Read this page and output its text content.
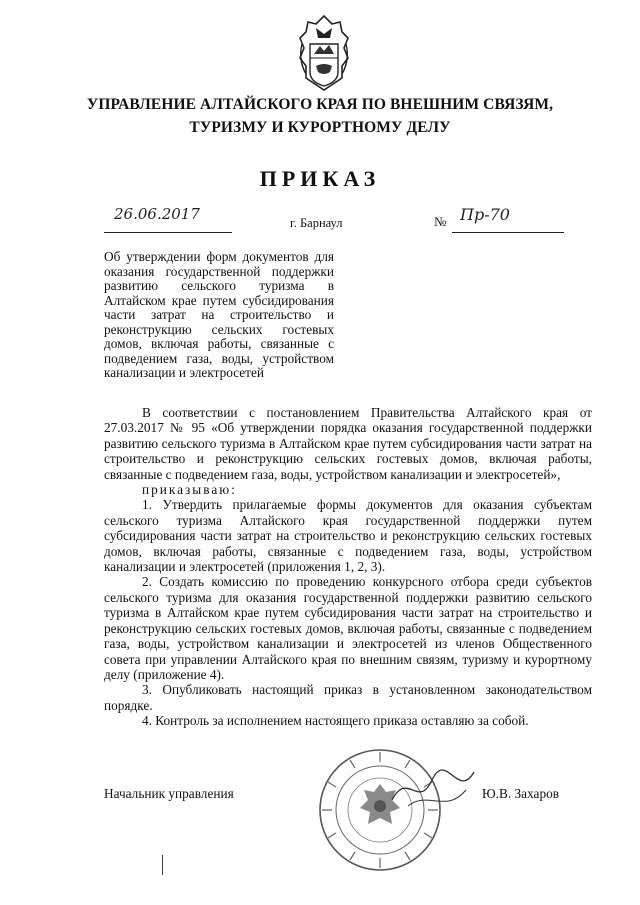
УПРАВЛЕНИЕ АЛТАЙСКОГО КРАЯ ПО ВНЕШНИМ СВЯЗЯМ,
ТУРИЗМУ И КУРОРТНОМУ ДЕЛУ
ПРИКАЗ
26.06.2017	г. Барнаул	№ Пр-70
Об утверждении форм документов для оказания государственной поддержки развитию сельского туризма в Алтайском крае путем субсидирования части затрат на строительство и реконструкцию сельских гостевых домов, включая работы, связанные с подведением газа, воды, устройством канализации и электросетей

В соответствии с постановлением Правительства Алтайского края от 27.03.2017 № 95 «Об утверждении порядка оказания государственной поддержки развитию сельского туризма в Алтайском крае путем субсидирования части затрат на строительство и реконструкцию сельских гостевых домов, включая работы, связанные с подведением газа, воды, устройством канализации и электросетей»,

приказываю:

1. Утвердить прилагаемые формы документов для оказания субъектам сельского туризма Алтайского края государственной поддержки путем субсидирования части затрат на строительство и реконструкцию сельских гостевых домов, включая работы, связанные с подведением газа, воды, устройством канализации и электросетей (приложения 1, 2, 3).

2. Создать комиссию по проведению конкурсного отбора среди субъектов сельского туризма для оказания государственной поддержки развитию сельского туризма в Алтайском крае путем субсидирования части затрат на строительство и реконструкцию сельских гостевых домов, включая работы, связанные с подведением газа, воды, устройством канализации и электросетей из членов Общественного совета при управлении Алтайского края по внешним связям, туризму и курортному делу (приложение 4).

3. Опубликовать настоящий приказ в установленном законодательством порядке.

4. Контроль за исполнением настоящего приказа оставляю за собой.

Начальник управления	Ю.В. Захаров
